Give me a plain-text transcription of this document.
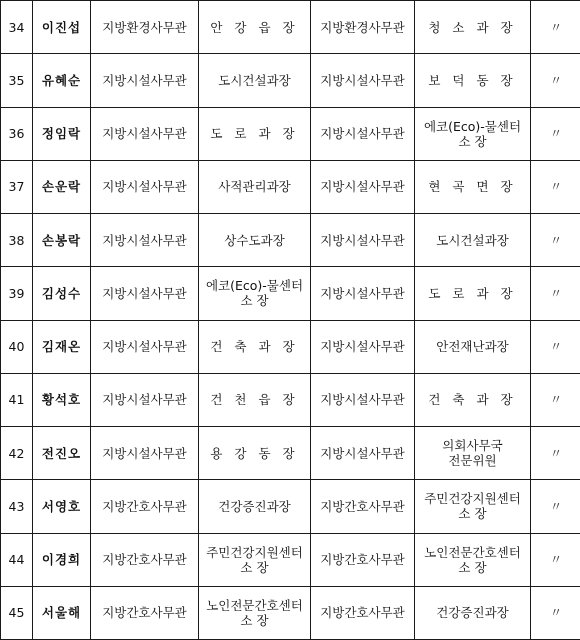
34	이진섭	지방환경사무관	안 강 읍 장	지방환경사무관	청 소 과 장	〃
35	유혜순	지방시설사무관	도시건설과장	지방시설사무관	보 덕 동 장	〃
36	정임락	지방시설사무관	도 로 과 장	지방시설사무관	에코(Eco)-물센터
소 장	〃
37	손운락	지방시설사무관	사적관리과장	지방시설사무관	현 곡 면 장	〃
38	손봉락	지방시설사무관	상수도과장	지방시설사무관	도시건설과장	〃
39	김성수	지방시설사무관	에코(Eco)-물센터
소 장	지방시설사무관	도 로 과 장	〃
40	김재온	지방시설사무관	건 축 과 장	지방시설사무관	안전재난과장	〃
41	황석호	지방시설사무관	건 천 읍 장	지방시설사무관	건 축 과 장	〃
42	전진오	지방시설사무관	용 강 동 장	지방시설사무관	의회사무국
전문위원	〃
43	서영호	지방간호사무관	건강증진과장	지방간호사무관	주민건강지원센터
소 장	〃
44	이경희	지방간호사무관	주민건강지원센터
소 장	지방간호사무관	노인전문간호센터
소 장	〃
45	서울해	지방간호사무관	노인전문간호센터
소 장	지방간호사무관	건강증진과장	〃
